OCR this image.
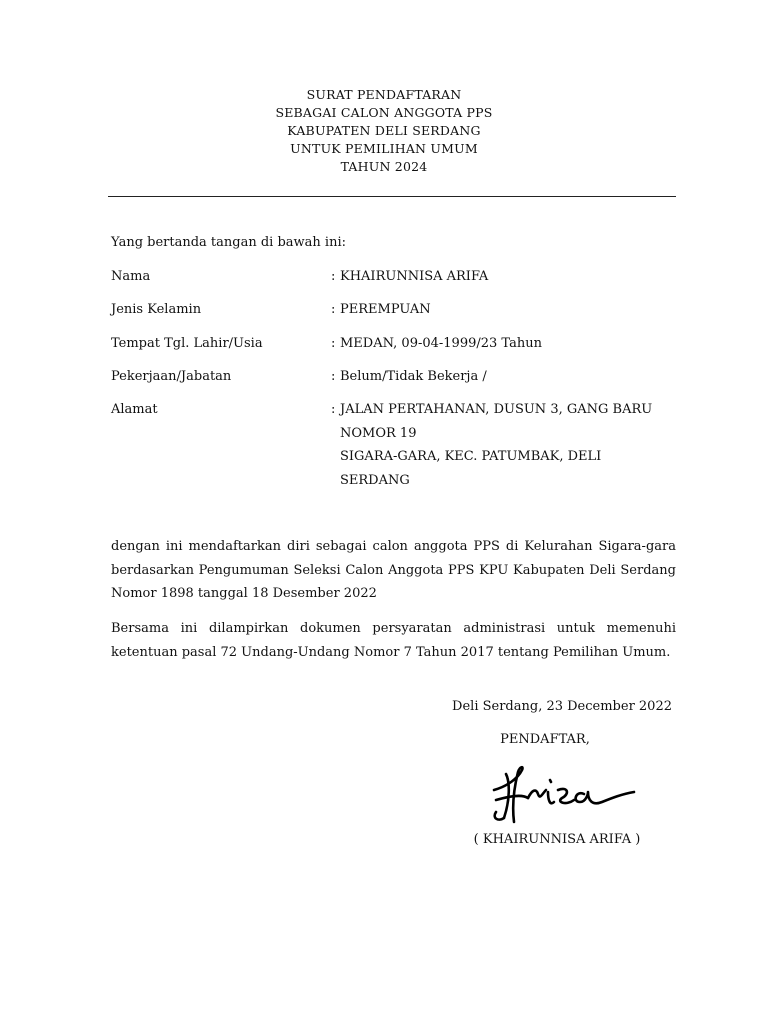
SURAT PENDAFTARAN
SEBAGAI CALON ANGGOTA PPS
KABUPATEN DELI SERDANG
UNTUK PEMILIHAN UMUM
TAHUN 2024
Yang bertanda tangan di bawah ini:
Nama	: KHAIRUNNISA ARIFA
Jenis Kelamin	: PEREMPUAN
Tempat Tgl. Lahir/Usia	: MEDAN, 09-04-1999/23 Tahun
Pekerjaan/Jabatan	: Belum/Tidak Bekerja /
Alamat	: JALAN PERTAHANAN, DUSUN 3, GANG BARU
NOMOR 19
SIGARA-GARA, KEC. PATUMBAK, DELI
SERDANG
dengan ini mendaftarkan diri sebagai calon anggota PPS di Kelurahan Sigara-gara berdasarkan Pengumuman Seleksi Calon Anggota PPS KPU Kabupaten Deli Serdang Nomor 1898 tanggal 18 Desember 2022
Bersama ini dilampirkan dokumen persyaratan administrasi untuk memenuhi ketentuan pasal 72 Undang-Undang Nomor 7 Tahun 2017 tentang Pemilihan Umum.
Deli Serdang, 23 December 2022
PENDAFTAR,
( KHAIRUNNISA ARIFA )
